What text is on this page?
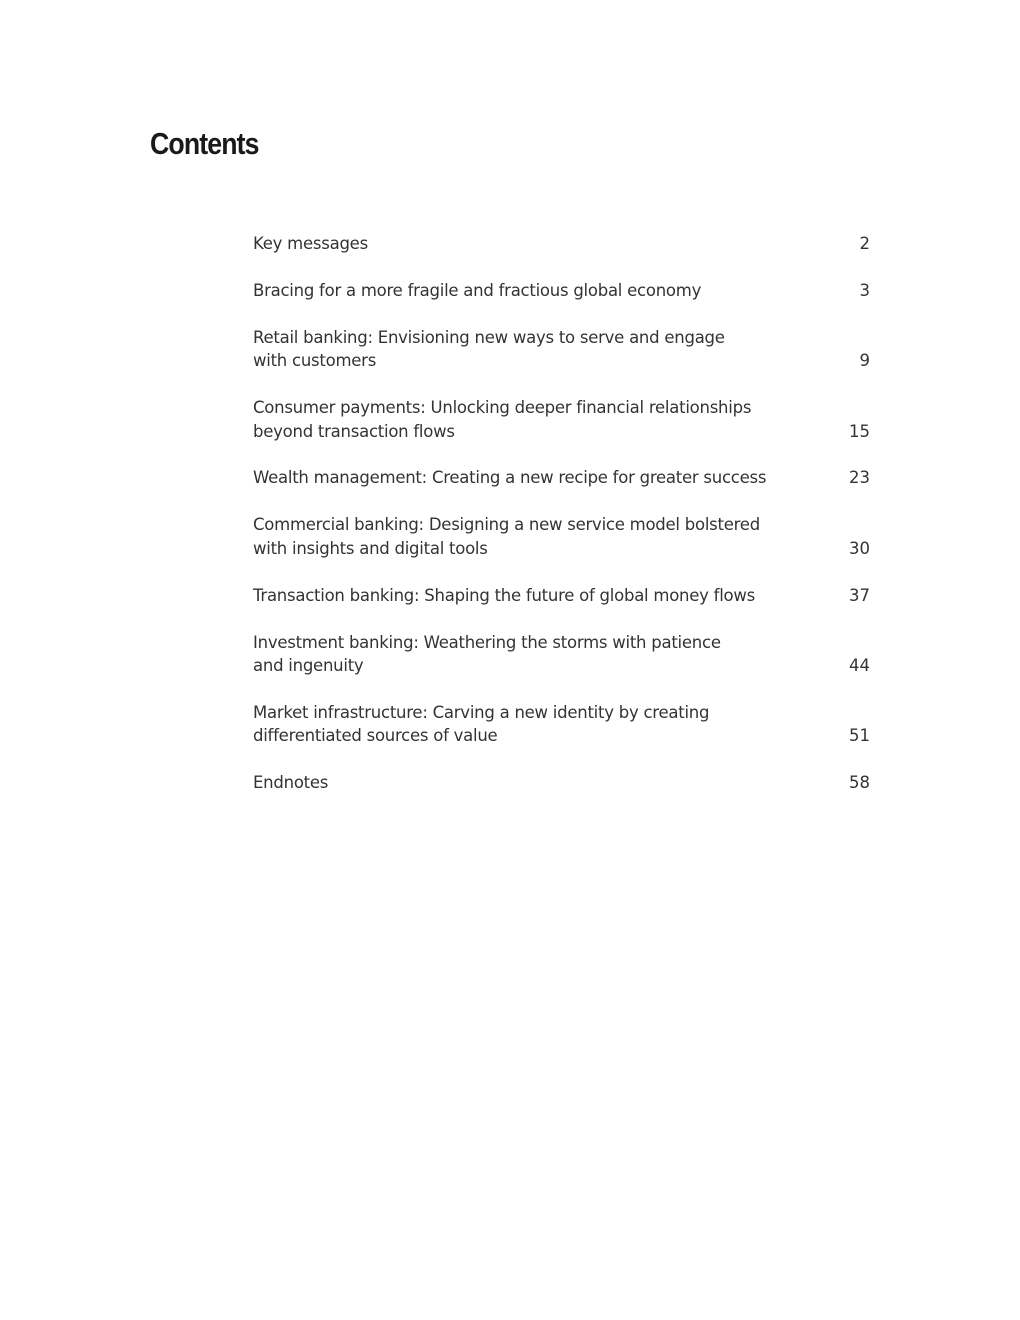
Contents
Key messages	2
Bracing for a more fragile and fractious global economy	3
Retail banking: Envisioning new ways to serve and engage
with customers	9
Consumer payments: Unlocking deeper financial relationships
beyond transaction flows	15
Wealth management: Creating a new recipe for greater success	23
Commercial banking: Designing a new service model bolstered
with insights and digital tools	30
Transaction banking: Shaping the future of global money flows	37
Investment banking: Weathering the storms with patience
and ingenuity	44
Market infrastructure: Carving a new identity by creating
differentiated sources of value	51
Endnotes	58
